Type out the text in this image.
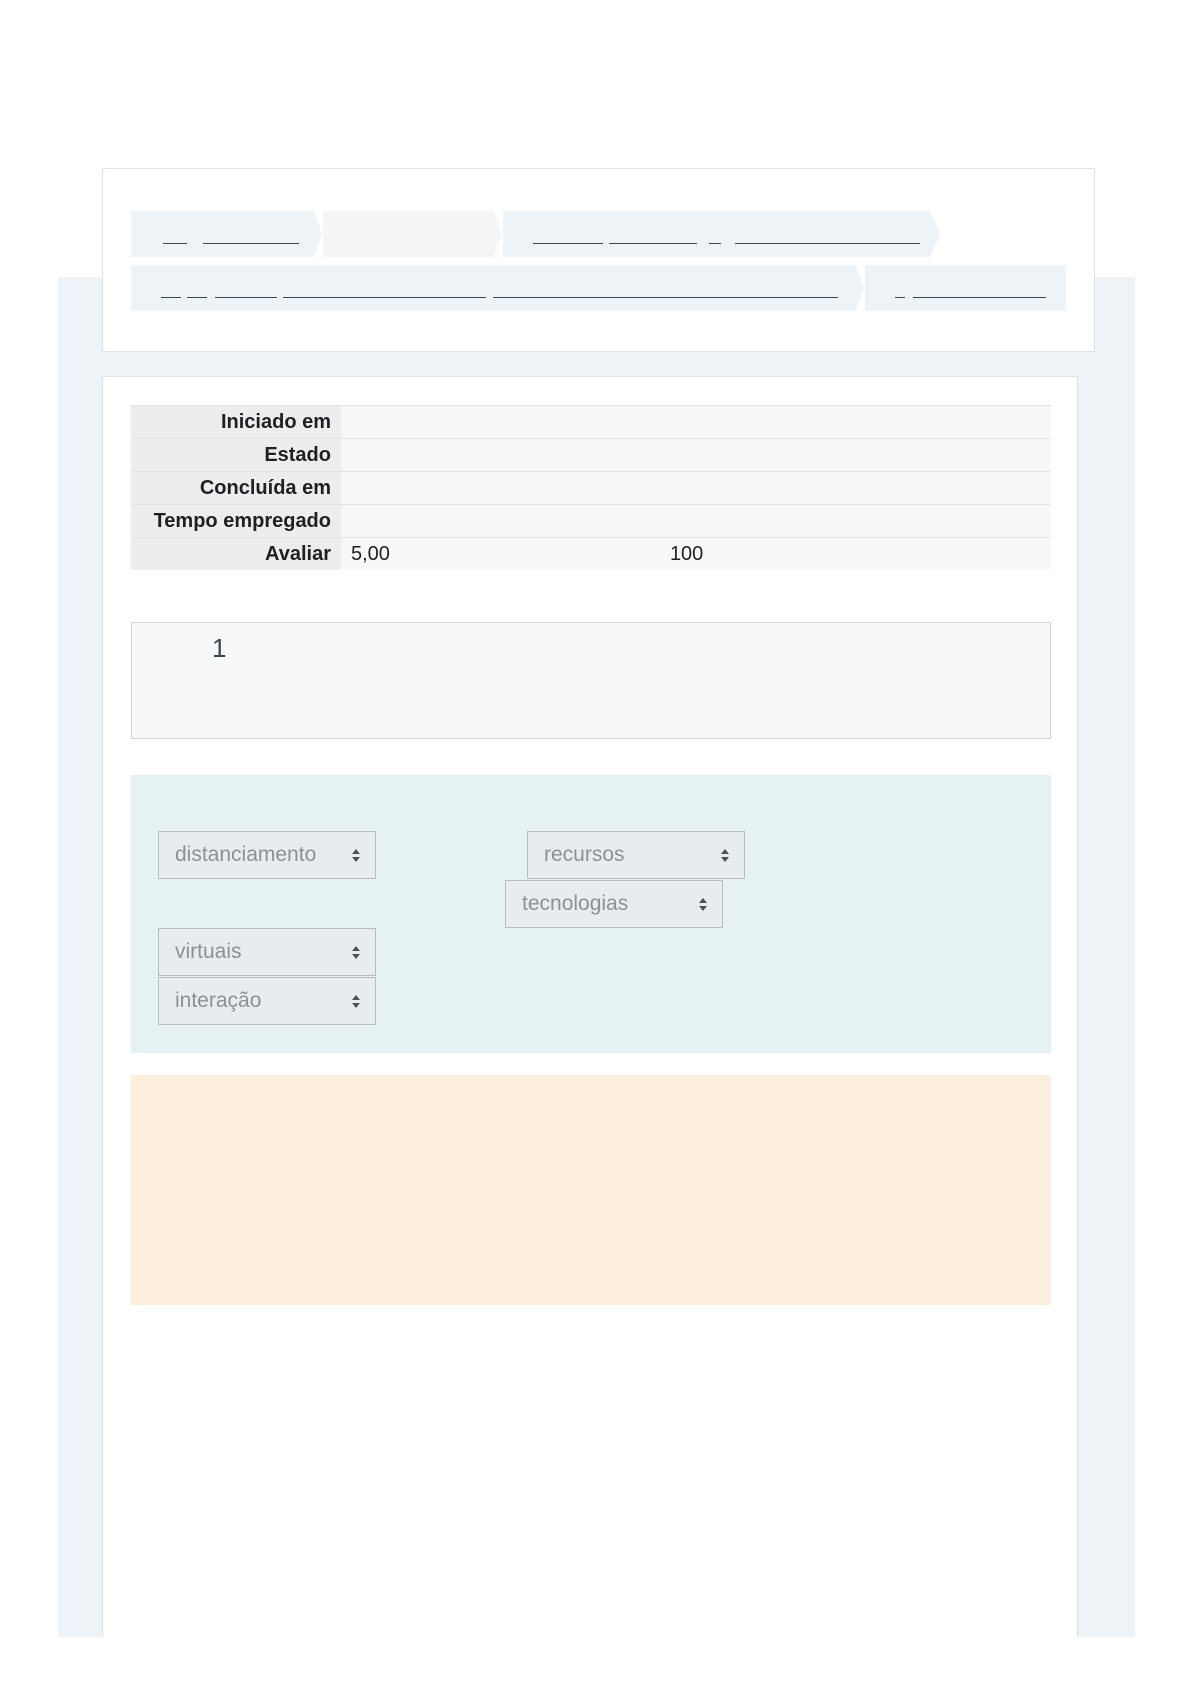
Iniciado em	
Estado	
Concluída em	
Tempo empregado	
Avaliar	5,00 100
1
distanciamento	recursos
tecnologias
virtuais
interação
